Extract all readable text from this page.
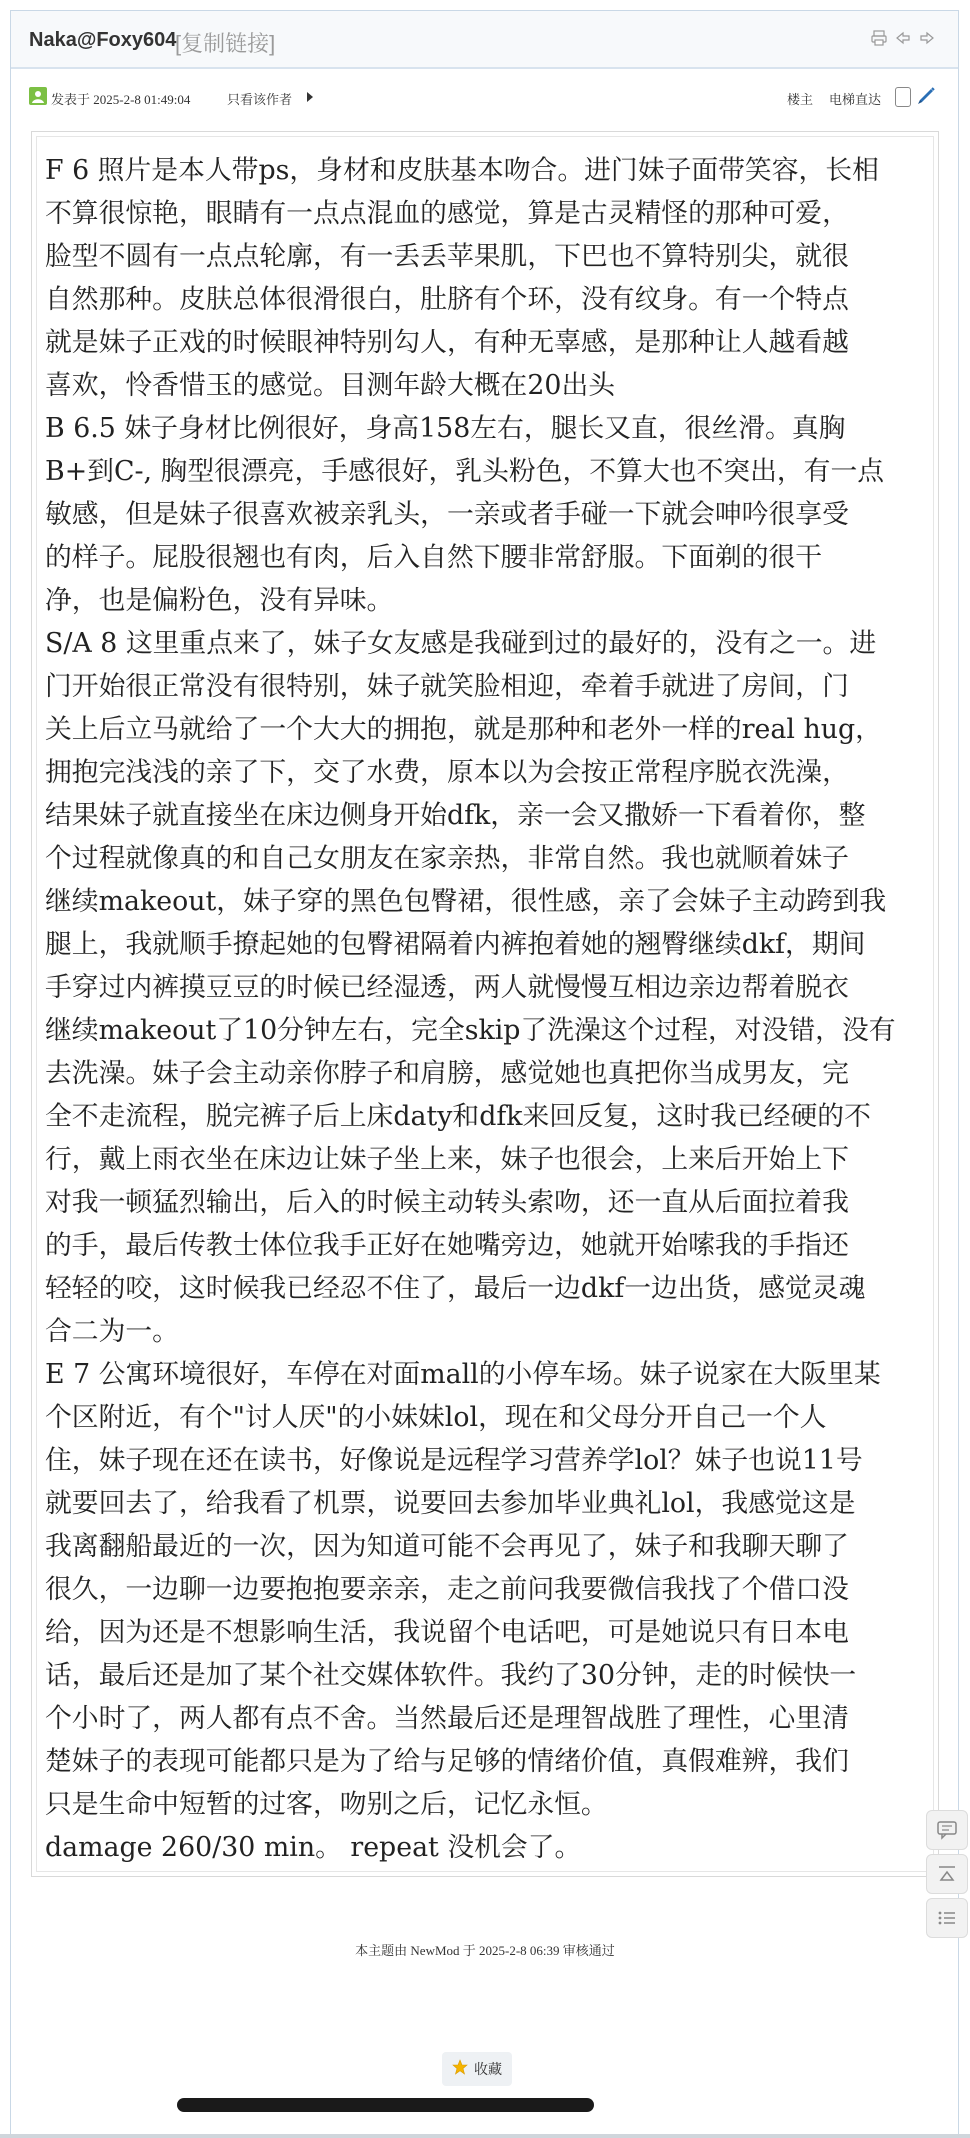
Naka@Foxy604
[复制链接]
发表于 2025-2-8 01:49:04	只看该作者	楼主 电梯直达

F 6 照片是本人带ps，身材和皮肤基本吻合。进门妹子面带笑容，长相

不算很惊艳，眼睛有一点点混血的感觉，算是古灵精怪的那种可爱，

脸型不圆有一点点轮廓，有一丢丢苹果肌，下巴也不算特别尖，就很

自然那种。皮肤总体很滑很白，肚脐有个环，没有纹身。有一个特点

就是妹子正戏的时候眼神特别勾人，有种无辜感，是那种让人越看越

喜欢，怜香惜玉的感觉。目测年龄大概在20出头

B 6.5 妹子身材比例很好，身高158左右，腿长又直，很丝滑。真胸

B+到C-, 胸型很漂亮，手感很好，乳头粉色，不算大也不突出，有一点

敏感，但是妹子很喜欢被亲乳头，一亲或者手碰一下就会呻吟很享受

的样子。屁股很翘也有肉，后入自然下腰非常舒服。下面剃的很干

净，也是偏粉色，没有异味。

S/A 8 这里重点来了，妹子女友感是我碰到过的最好的，没有之一。进

门开始很正常没有很特别，妹子就笑脸相迎，牵着手就进了房间，门

关上后立马就给了一个大大的拥抱，就是那种和老外一样的real hug，

拥抱完浅浅的亲了下，交了水费，原本以为会按正常程序脱衣洗澡，

结果妹子就直接坐在床边侧身开始dfk，亲一会又撒娇一下看着你，整

个过程就像真的和自己女朋友在家亲热，非常自然。我也就顺着妹子

继续makeout，妹子穿的黑色包臀裙，很性感，亲了会妹子主动跨到我

腿上，我就顺手撩起她的包臀裙隔着内裤抱着她的翘臀继续dkf，期间

手穿过内裤摸豆豆的时候已经湿透，两人就慢慢互相边亲边帮着脱衣

继续makeout了10分钟左右，完全skip了洗澡这个过程，对没错，没有

去洗澡。妹子会主动亲你脖子和肩膀，感觉她也真把你当成男友，完

全不走流程，脱完裤子后上床daty和dfk来回反复，这时我已经硬的不

行，戴上雨衣坐在床边让妹子坐上来，妹子也很会，上来后开始上下

对我一顿猛烈输出，后入的时候主动转头索吻，还一直从后面拉着我

的手，最后传教士体位我手正好在她嘴旁边，她就开始嗦我的手指还

轻轻的咬，这时候我已经忍不住了，最后一边dkf一边出货，感觉灵魂

合二为一。

E 7 公寓环境很好，车停在对面mall的小停车场。妹子说家在大阪里某

个区附近，有个"讨人厌"的小妹妹lol，现在和父母分开自己一个人

住，妹子现在还在读书，好像说是远程学习营养学lol？妹子也说11号

就要回去了，给我看了机票，说要回去参加毕业典礼lol，我感觉这是

我离翻船最近的一次，因为知道可能不会再见了，妹子和我聊天聊了

很久，一边聊一边要抱抱要亲亲，走之前问我要微信我找了个借口没

给，因为还是不想影响生活，我说留个电话吧，可是她说只有日本电

话，最后还是加了某个社交媒体软件。我约了30分钟，走的时候快一

个小时了，两人都有点不舍。当然最后还是理智战胜了理性，心里清

楚妹子的表现可能都只是为了给与足够的情绪价值，真假难辨，我们

只是生命中短暂的过客，吻别之后，记忆永恒。

damage 260/30 min。 repeat 没机会了。

本主题由 NewMod 于 2025-2-8 06:39 审核通过
收藏
